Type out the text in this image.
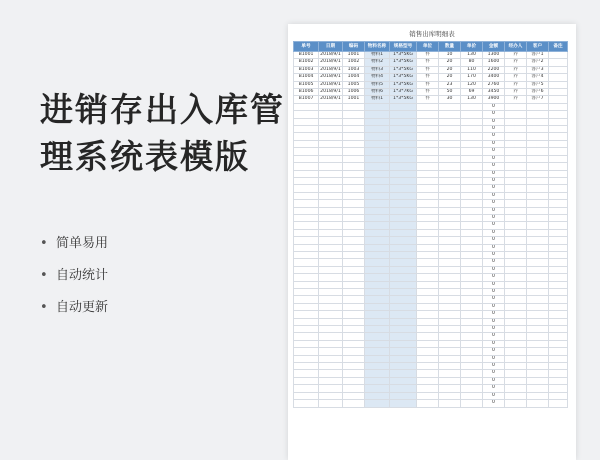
进销存出入库管
理系统表模版
• 简单易用
• 自动统计
• 自动更新
销售出库明细表
单号	日期	编码	物料名称	规格型号	单位	数量	单价	金额	经办人	客户	备注
B1001	2018/9/1	1001	物料1	1*3*5KG	件	10	130	1300	乔	客户1	
B1002	2018/9/1	1002	物料2	1*3*5KG	件	20	80	1600	乔	客户2	
B1003	2018/9/1	1003	物料3	1*3*5KG	件	20	110	2200	乔	客户3	
B1004	2018/9/1	1004	物料4	1*3*5KG	件	20	170	3400	乔	客户4	
B1005	2018/9/1	1005	物料5	1*3*5KG	件	23	120	2760	乔	客户5	
B1006	2018/9/1	1006	物料6	1*3*7KG	件	50	69	3450	乔	客户6	
B1007	2018/9/1	1001	物料1	1*3*5KG	件	30	130	3900	乔	客户7	
								0			
								0			
								0			
								0			
								0			
								0			
								0			
								0			
								0			
								0			
								0			
								0			
								0			
								0			
								0			
								0			
								0			
								0			
								0			
								0			
								0			
								0			
								0			
								0			
								0			
								0			
								0			
								0			
								0			
								0			
								0			
								0			
								0			
								0			
								0			
								0			
								0			
								0			
								0			
								0			
								0			
